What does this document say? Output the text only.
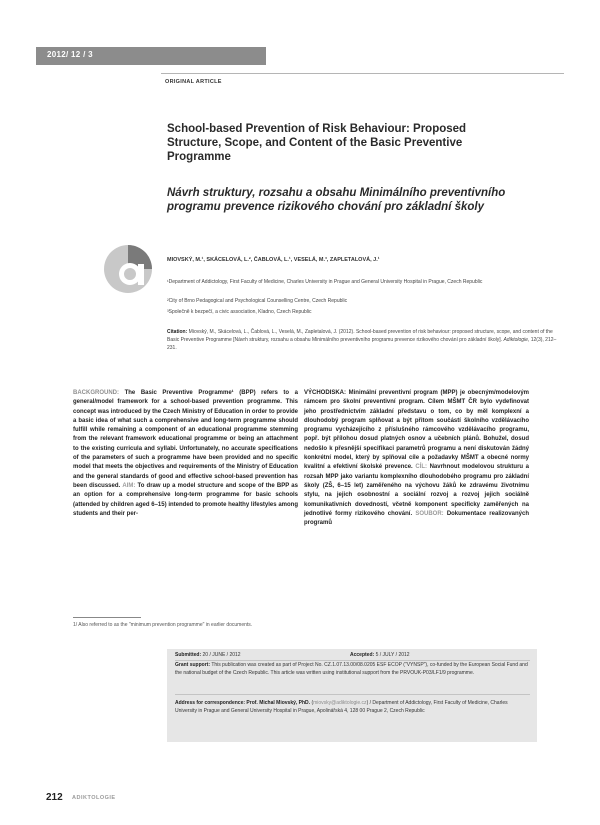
2012/ 12 / 3
ORIGINAL ARTICLE
School-based Prevention of Risk Behaviour: Proposed Structure, Scope, and Content of the Basic Preventive Programme
Návrh struktury, rozsahu a obsahu Minimálního preventivního programu prevence rizikového chování pro základní školy
MIOVSKÝ, M.¹, SKÁCELOVÁ, L.², ČABLOVÁ, L.¹, VESELÁ, M.³, ZAPLETALOVÁ, J.¹
¹Department of Addictology, First Faculty of Medicine, Charles University in Prague and General University Hospital in Prague, Czech Republic
²City of Brno Pedagogical and Psychological Counselling Centre, Czech Republic
³Společně k bezpečí, a civic association, Kladno, Czech Republic
Citation: Miovský, M., Skácelová, L., Čablová, L., Veselá, M., Zapletalová, J. (2012). School-based prevention of risk behaviour: proposed structure, scope, and content of the Basic Preventive Programme [Návrh struktury, rozsahu a obsahu Minimálního preventivního programu prevence rizikového chování pro základní školy]. Adiktologie, 12(3), 212–231.

BACKGROUND: The Basic Preventive Programme¹ (BPP) refers to a general/model framework for a school-based prevention programme. This concept was introduced by the Czech Ministry of Education in order to provide a basic idea of what such a comprehensive and long-term programme should fulfill while remaining a component of an educational programme stemming from the relevant framework educational programme or being an attachment to the existing curricula and syllabi. Unfortunately, no accurate specifications of the parameters of such a programme have been provided and no specific model that meets the objectives and requirements of the Ministry of Education and the general standards of good and effective school-based prevention has been discussed. AIM: To draw up a model structure and scope of the BPP as an option for a comprehensive long-term programme for basic schools (attended by children aged 6–15) intended to promote healthy lifestyles among students and their per-

1/ Also referred to as the "minimum prevention programme" in earlier documents.

VÝCHODISKA: Minimální preventivní program (MPP) je obecným/modelovým rámcem pro školní preventivní program. Cílem MŠMT ČR bylo vydefinovat jeho prostřednictvím základní představu o tom, co by měl komplexní a dlouhodobý program splňovat a být přitom součástí školního vzdělávacího programu vycházejícího z příslušného rámcového vzdělávacího programu, popř. být přílohou dosud platných osnov a učebních plánů. Bohužel, dosud nedošlo k přesnější specifikaci parametrů programu a není diskutován žádný konkrétní model, který by splňoval cíle a požadavky MŠMT a obecné normy kvalitní a efektivní školské prevence. CÍL: Navrhnout modelovou strukturu a rozsah MPP jako variantu komplexního dlouhodobého programu pro základní školy (ZŠ, 6–15 let) zaměřeného na výchovu žáků ke zdravému životnímu stylu, na jejich osobnostní a sociální rozvoj a rozvoj jejich sociálně komunikativních dovedností, včetně komponent specificky zaměřených na jednotlivé formy rizikového chování. SOUBOR: Dokumentace realizovaných programů

Submitted: 20 / JUNE / 2012	Accepted: 5 / JULY / 2012
Grant support: This publication was created as part of Project No. CZ.1.07.13.00/08.0205 ESF ECOP ("VYNSP"), co-funded by the European Social Fund and the national budget of the Czech Republic. This article was written using institutional support from the PRVOUK-P03/LF1/9 programme.
Address for correspondence: Prof. Michal Miovský, PhD. (miovsky@adiktologie.cz) / Department of Addictology, First Faculty of Medicine, Charles University in Prague and General University Hospital in Prague, Apolinářská 4, 128 00 Prague 2, Czech Republic
212 ADIKTOLOGIE
